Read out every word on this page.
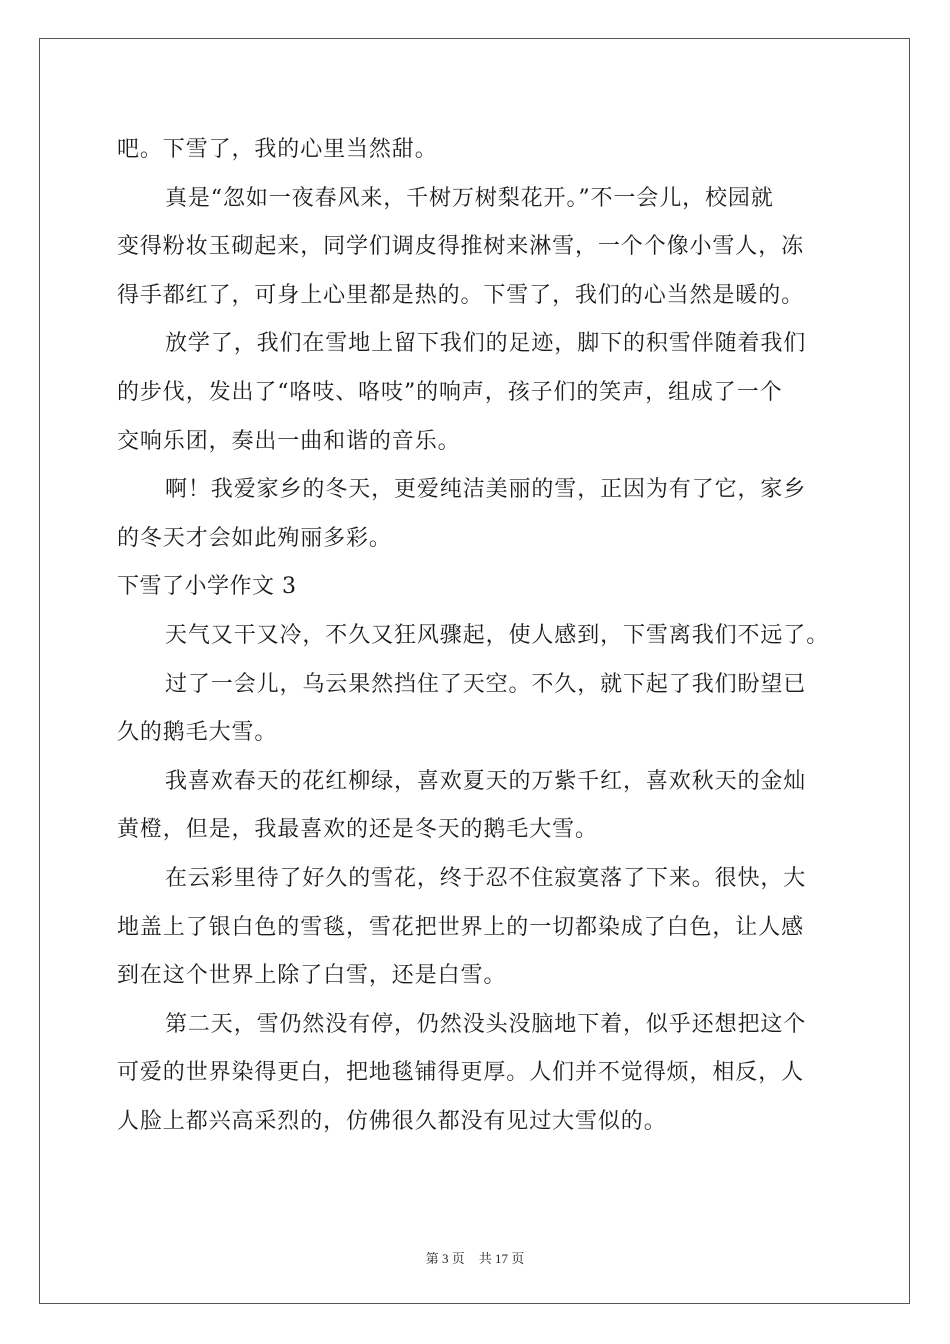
吧。下雪了，我的心里当然甜。
真是“忽如一夜春风来，千树万树梨花开。”不一会儿，校园就
变得粉妆玉砌起来，同学们调皮得推树来淋雪，一个个像小雪人，冻
得手都红了，可身上心里都是热的。下雪了，我们的心当然是暖的。
放学了，我们在雪地上留下我们的足迹，脚下的积雪伴随着我们
的步伐，发出了“咯吱、咯吱”的响声，孩子们的笑声，组成了一个
交响乐团，奏出一曲和谐的音乐。
啊！我爱家乡的冬天，更爱纯洁美丽的雪，正因为有了它，家乡
的冬天才会如此殉丽多彩。
下雪了小学作文 3
天气又干又冷，不久又狂风骤起，使人感到，下雪离我们不远了。
过了一会儿，乌云果然挡住了天空。不久，就下起了我们盼望已
久的鹅毛大雪。
我喜欢春天的花红柳绿，喜欢夏天的万紫千红，喜欢秋天的金灿
黄橙，但是，我最喜欢的还是冬天的鹅毛大雪。
在云彩里待了好久的雪花，终于忍不住寂寞落了下来。很快，大
地盖上了银白色的雪毯，雪花把世界上的一切都染成了白色，让人感
到在这个世界上除了白雪，还是白雪。
第二天，雪仍然没有停，仍然没头没脑地下着，似乎还想把这个
可爱的世界染得更白，把地毯铺得更厚。人们并不觉得烦，相反，人
人脸上都兴高采烈的，仿佛很久都没有见过大雪似的。
第 3 页 共 17 页
